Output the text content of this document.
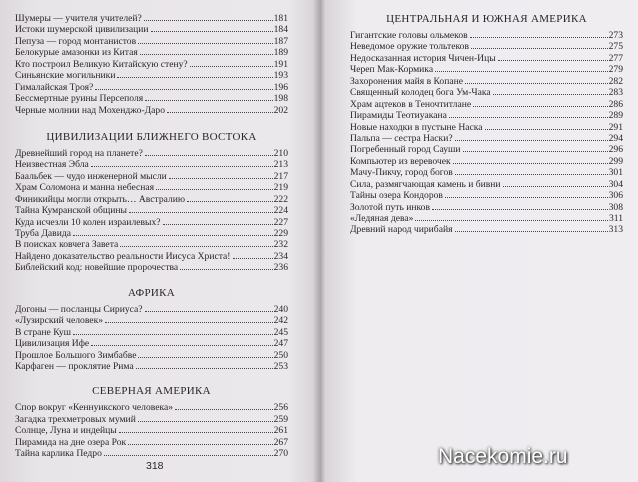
Шумеры — учителя учителей?	181
Истоки шумерской цивилизации	184
Пепуза — город монтанистов	187
Белокурые амазонки из Китая	189
Кто построил Великую Китайскую стену?	191
Синьянские могильники	193
Гималайская Троя?	196
Бессмертные руины Персеполя	198
Черные молнии над Мохенджо-Даро	202
ЦИВИЛИЗАЦИИ БЛИЖНЕГО ВОСТОКА
Древнейший город на планете?	210
Неизвестная Эбла	213
Баальбек — чудо инженерной мысли	217
Храм Соломона и манна небесная	219
Финикийцы могли открыть… Австралию	222
Тайна Кумранской общины	224
Куда исчезли 10 колен израилевых?	227
Труба Давида	229
В поисках ковчега Завета	232
Найдено доказательство реальности Иисуса Христа!	234
Библейский код: новейшие пророчества	236
АФРИКА
Догоны — посланцы Сириуса?	240
«Лузирский человек»	242
В стране Куш	245
Цивилизация Ифе	247
Прошлое Большого Зимбабве	250
Карфаген — проклятие Рима	253
СЕВЕРНАЯ АМЕРИКА
Спор вокруг «Кеннуикского человека»	256
Загадка трехметровых мумий	259
Солнце, Луна и индейцы	261
Пирамида на дне озера Рок	267
Тайна карлика Педро	270
318
ЦЕНТРАЛЬНАЯ И ЮЖНАЯ АМЕРИКА
Гигантские головы ольмеков	273
Неведомое оружие тольтеков	275
Недосказанная история Чичен-Ицы	277
Череп Мак-Кормика	279
Захоронения майя в Копане	282
Священный колодец бога Ум-Чака	283
Храм ацтеков в Теночтитлане	286
Пирамиды Теотиуакана	289
Новые находки в пустыне Наска	291
Пальпа — сестра Наски?	294
Погребенный город Сауши	296
Компьютер из веревочек	299
Мачу-Пикчу, город богов	301
Сила, размягчающая камень и бивни	304
Тайны озера Кондоров	306
Золотой путь инков	308
«Ледяная дева»	311
Древний народ чирибайя	313
Nacekomie.ru
